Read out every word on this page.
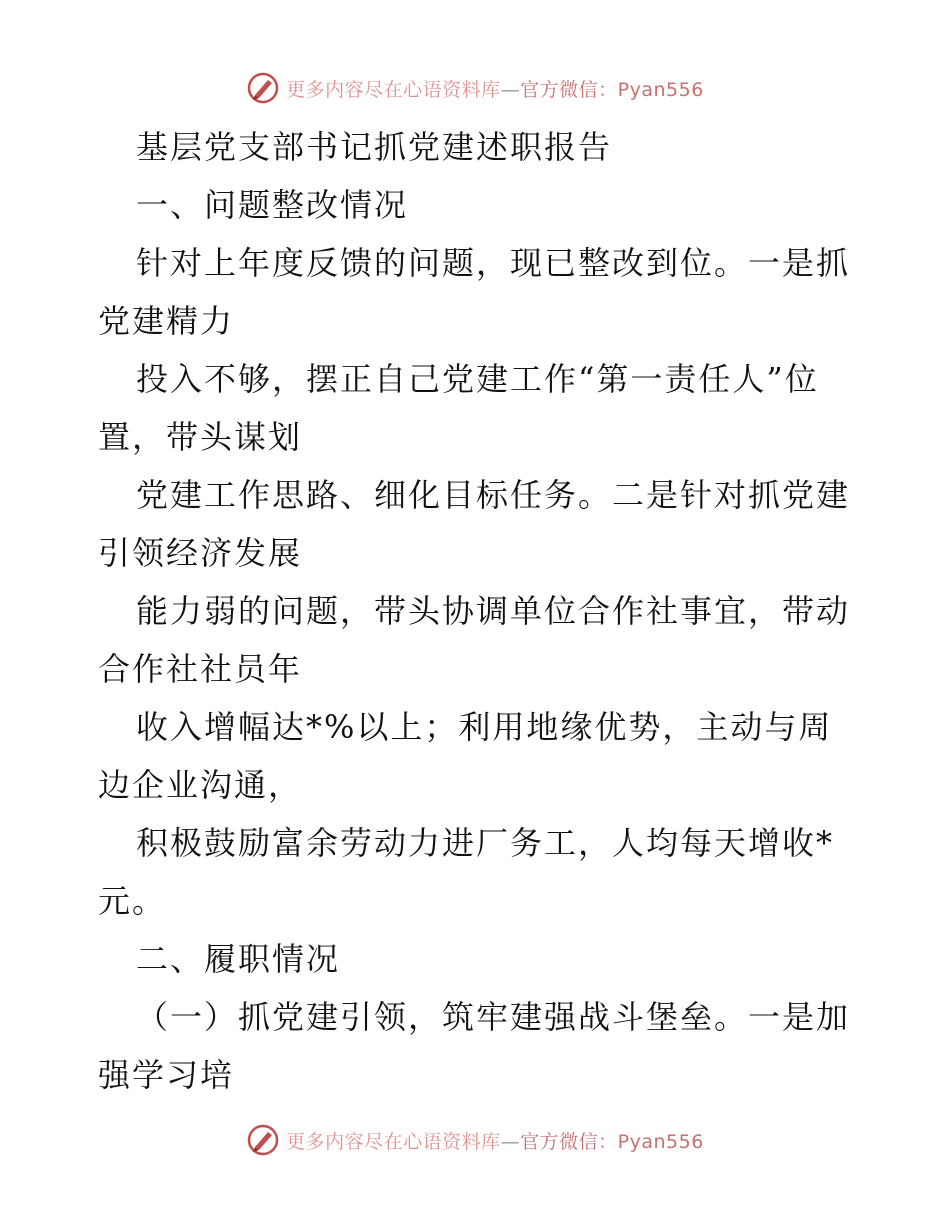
更多内容尽在心语资料库—官方微信：Pyan556

基层党支部书记抓党建述职报告

一、问题整改情况

针对上年度反馈的问题，现已整改到位。一是抓党建精力

投入不够，摆正自己党建工作“第一责任人”位置，带头谋划

党建工作思路、细化目标任务。二是针对抓党建引领经济发展

能力弱的问题，带头协调单位合作社事宜，带动合作社社员年

收入增幅达*%以上；利用地缘优势，主动与周边企业沟通，

积极鼓励富余劳动力进厂务工，人均每天增收*元。

二、履职情况

（一）抓党建引领，筑牢建强战斗堡垒。一是加强学习培

更多内容尽在心语资料库—官方微信：Pyan556
